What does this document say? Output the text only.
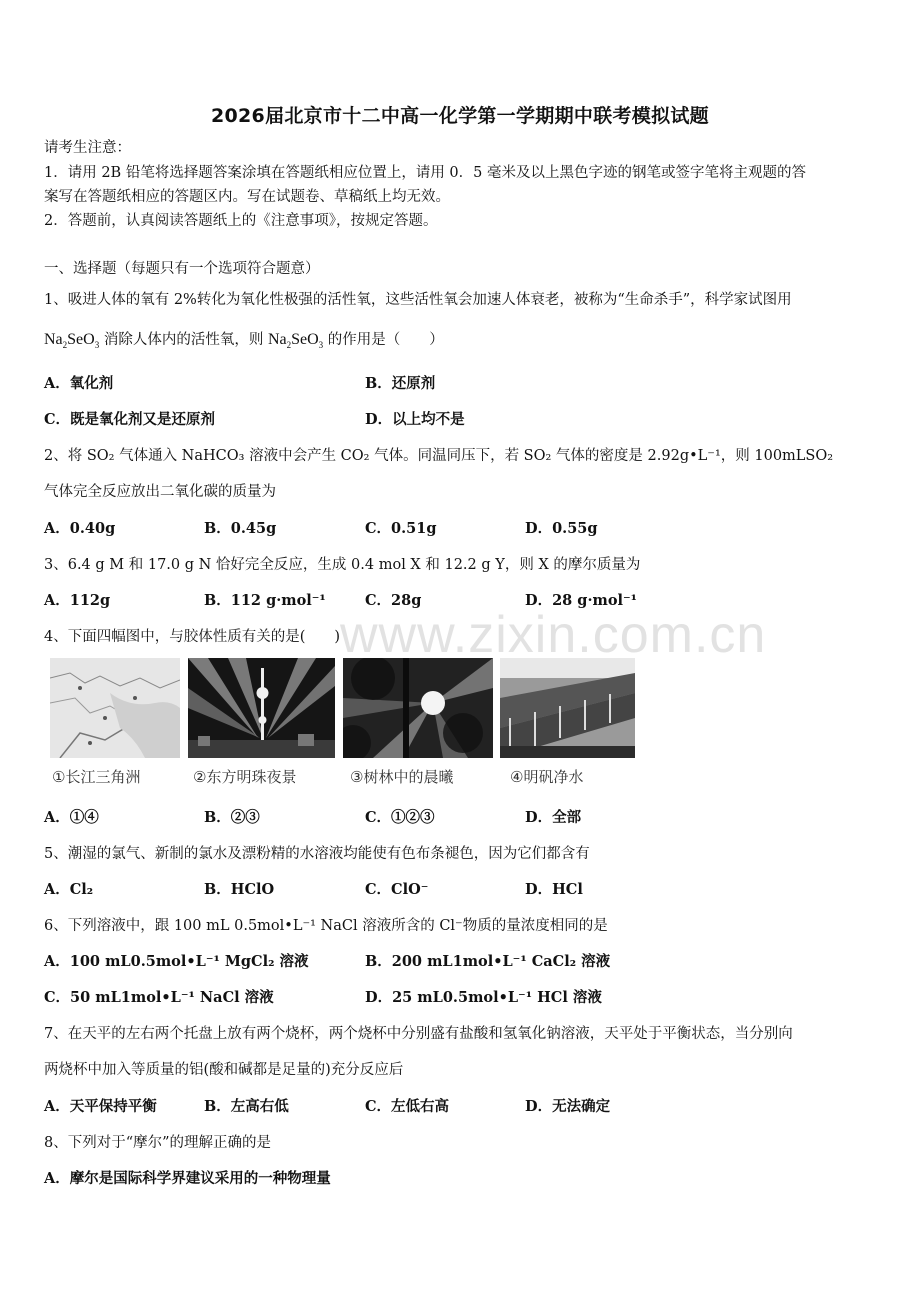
2026届北京市十二中高一化学第一学期期中联考模拟试题
请考生注意：
1．请用 2B 铅笔将选择题答案涂填在答题纸相应位置上，请用 0．5 毫米及以上黑色字迹的钢笔或签字笔将主观题的答
案写在答题纸相应的答题区内。写在试题卷、草稿纸上均无效。
2．答题前，认真阅读答题纸上的《注意事项》，按规定答题。
一、选择题（每题只有一个选项符合题意）
1、吸进人体的氧有 2%转化为氧化性极强的活性氧，这些活性氧会加速人体衰老，被称为“生命杀手”，科学家试图用
$Na_2SeO_3$ 消除人体内的活性氧，则 $Na_2SeO_3$ 的作用是（　　）
A．氧化剂	B．还原剂
C．既是氧化剂又是还原剂	D．以上均不是
2、将 SO₂ 气体通入 NaHCO₃ 溶液中会产生 CO₂ 气体。同温同压下，若 SO₂ 气体的密度是 2.92g•L⁻¹，则 100mLSO₂
气体完全反应放出二氧化碳的质量为
A．0.40g	B．0.45g	C．0.51g	D．0.55g
3、6.4 g M 和 17.0 g N 恰好完全反应，生成 0.4 mol X 和 12.2 g Y，则 X 的摩尔质量为
A．112g	B．112 g·mol⁻¹	C．28g	D．28 g·mol⁻¹
4、下面四幅图中，与胶体性质有关的是(　　)
①长江三角洲	②东方明珠夜景	③树林中的晨曦	④明矾净水
A．①④	B．②③	C．①②③	D．全部
5、潮湿的氯气、新制的氯水及漂粉精的水溶液均能使有色布条褪色，因为它们都含有
A．Cl₂	B．HClO	C．ClO⁻	D．HCl
6、下列溶液中，跟 100 mL 0.5mol•L⁻¹ NaCl 溶液所含的 Cl⁻物质的量浓度相同的是
A．100 mL0.5mol•L⁻¹ MgCl₂ 溶液	B．200 mL1mol•L⁻¹ CaCl₂ 溶液
C．50 mL1mol•L⁻¹ NaCl 溶液	D．25 mL0.5mol•L⁻¹ HCl 溶液
7、在天平的左右两个托盘上放有两个烧杯，两个烧杯中分别盛有盐酸和氢氧化钠溶液，天平处于平衡状态，当分别向
两烧杯中加入等质量的铝(酸和碱都是足量的)充分反应后
A．天平保持平衡	B．左高右低	C．左低右高	D．无法确定
8、下列对于“摩尔”的理解正确的是
A．摩尔是国际科学界建议采用的一种物理量
www.zixin.com.cn
